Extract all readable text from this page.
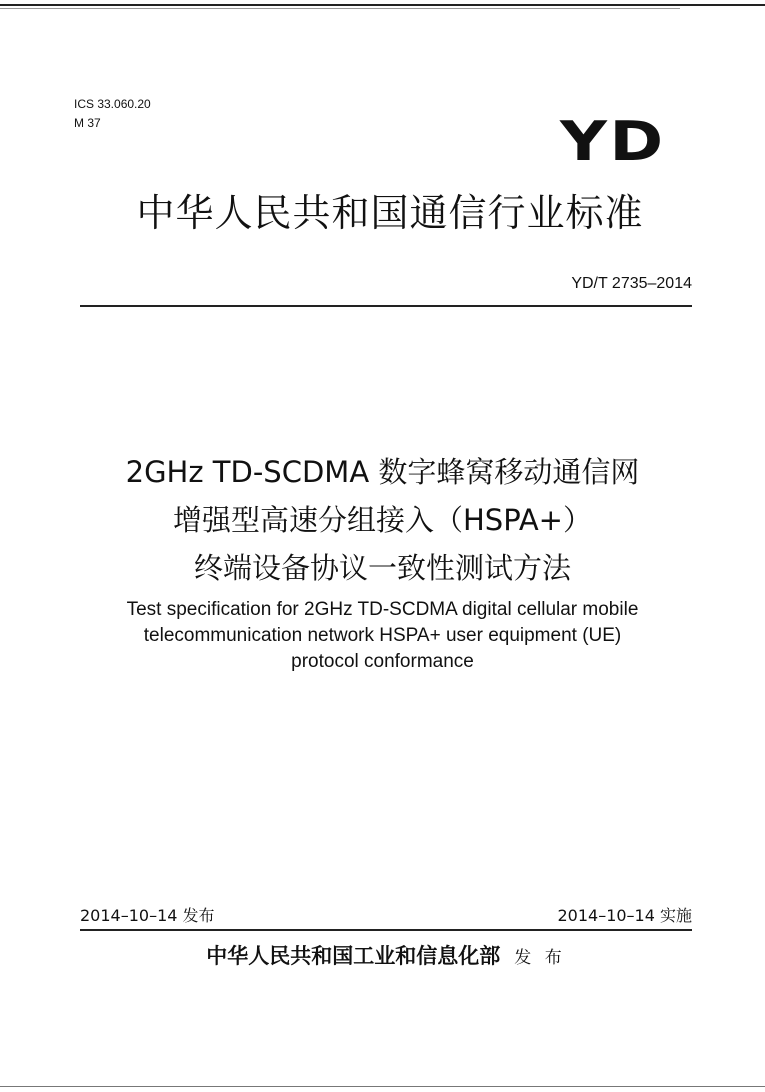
ICS 33.060.20
M 37	YD
中华人民共和国通信行业标准
YD/T 2735–2014
2GHz TD-SCDMA 数字蜂窝移动通信网
增强型高速分组接入（HSPA+）
终端设备协议一致性测试方法
Test specification for 2GHz TD-SCDMA digital cellular mobile
telecommunication network HSPA+ user equipment (UE)
protocol conformance
2014–10–14 发布	2014–10–14 实施
中华人民共和国工业和信息化部 发 布
